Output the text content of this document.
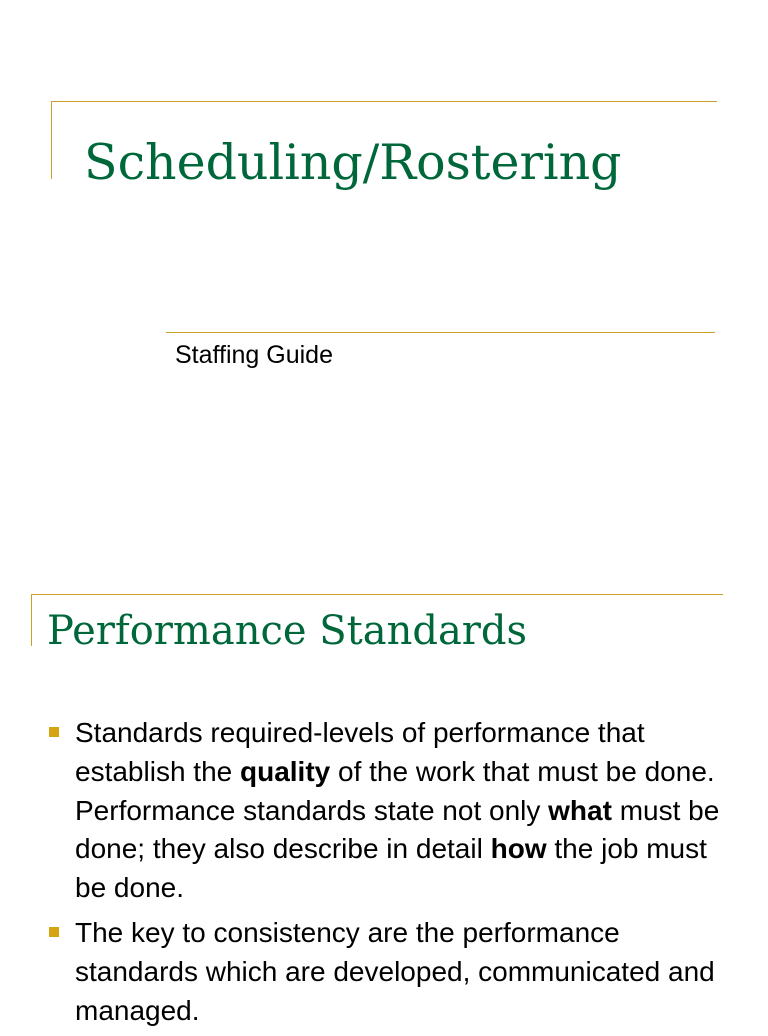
Scheduling/Rostering

Staffing Guide

Performance Standards
Standards required-levels of performance that establish the quality of the work that must be done. Performance standards state not only what must be done; they also describe in detail how the job must be done.
The key to consistency are the performance standards which are developed, communicated and managed.
